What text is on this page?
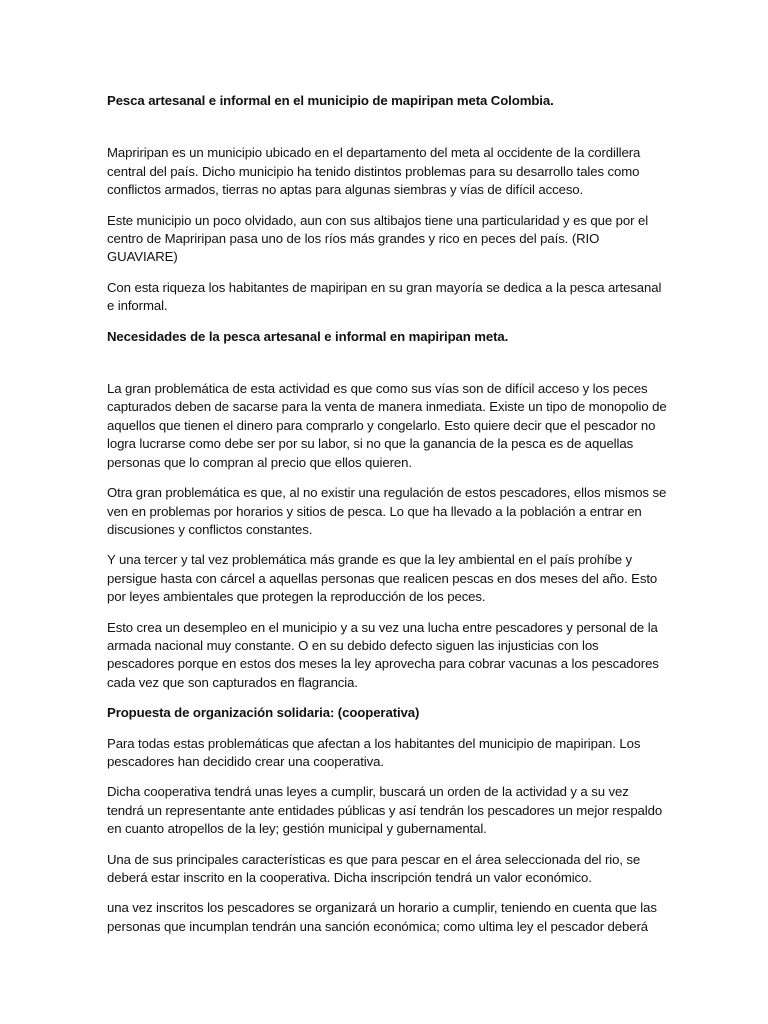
Pesca artesanal e informal en el municipio de mapiripan meta Colombia.

Mapriripan es un municipio ubicado en el departamento del meta al occidente de la cordillera central del país. Dicho municipio ha tenido distintos problemas para su desarrollo tales como conflictos armados, tierras no aptas para algunas siembras y vías de difícil acceso.

Este municipio un poco olvidado, aun con sus altibajos tiene una particularidad y es que por el centro de Mapriripan pasa uno de los ríos más grandes y rico en peces del país. (RIO GUAVIARE)

Con esta riqueza los habitantes de mapiripan en su gran mayoría se dedica a la pesca artesanal e informal.

Necesidades de la pesca artesanal e informal en mapiripan meta.

La gran problemática de esta actividad es que como sus vías son de difícil acceso y los peces capturados deben de sacarse para la venta de manera inmediata. Existe un tipo de monopolio de aquellos que tienen el dinero para comprarlo y congelarlo. Esto quiere decir que el pescador no logra lucrarse como debe ser por su labor, si no que la ganancia de la pesca es de aquellas personas que lo compran al precio que ellos quieren.

Otra gran problemática es que, al no existir una regulación de estos pescadores, ellos mismos se ven en problemas por horarios y sitios de pesca. Lo que ha llevado a la población a entrar en discusiones y conflictos constantes.

Y una tercer y tal vez problemática más grande es que la ley ambiental en el país prohíbe y persigue hasta con cárcel a aquellas personas que realicen pescas en dos meses del año. Esto por leyes ambientales que protegen la reproducción de los peces.

Esto crea un desempleo en el municipio y a su vez una lucha entre pescadores y personal de la armada nacional muy constante. O en su debido defecto siguen las injusticias con los pescadores porque en estos dos meses la ley aprovecha para cobrar vacunas a los pescadores cada vez que son capturados en flagrancia.

Propuesta de organización solidaria: (cooperativa)

Para todas estas problemáticas que afectan a los habitantes del municipio de mapiripan. Los pescadores han decidido crear una cooperativa.

Dicha cooperativa tendrá unas leyes a cumplir, buscará un orden de la actividad y a su vez tendrá un representante ante entidades públicas y así tendrán los pescadores un mejor respaldo en cuanto atropellos de la ley; gestión municipal y gubernamental.

Una de sus principales características es que para pescar en el área seleccionada del rio, se deberá estar inscrito en la cooperativa. Dicha inscripción tendrá un valor económico.

una vez inscritos los pescadores se organizará un horario a cumplir, teniendo en cuenta que las personas que incumplan tendrán una sanción económica; como ultima ley el pescador deberá
